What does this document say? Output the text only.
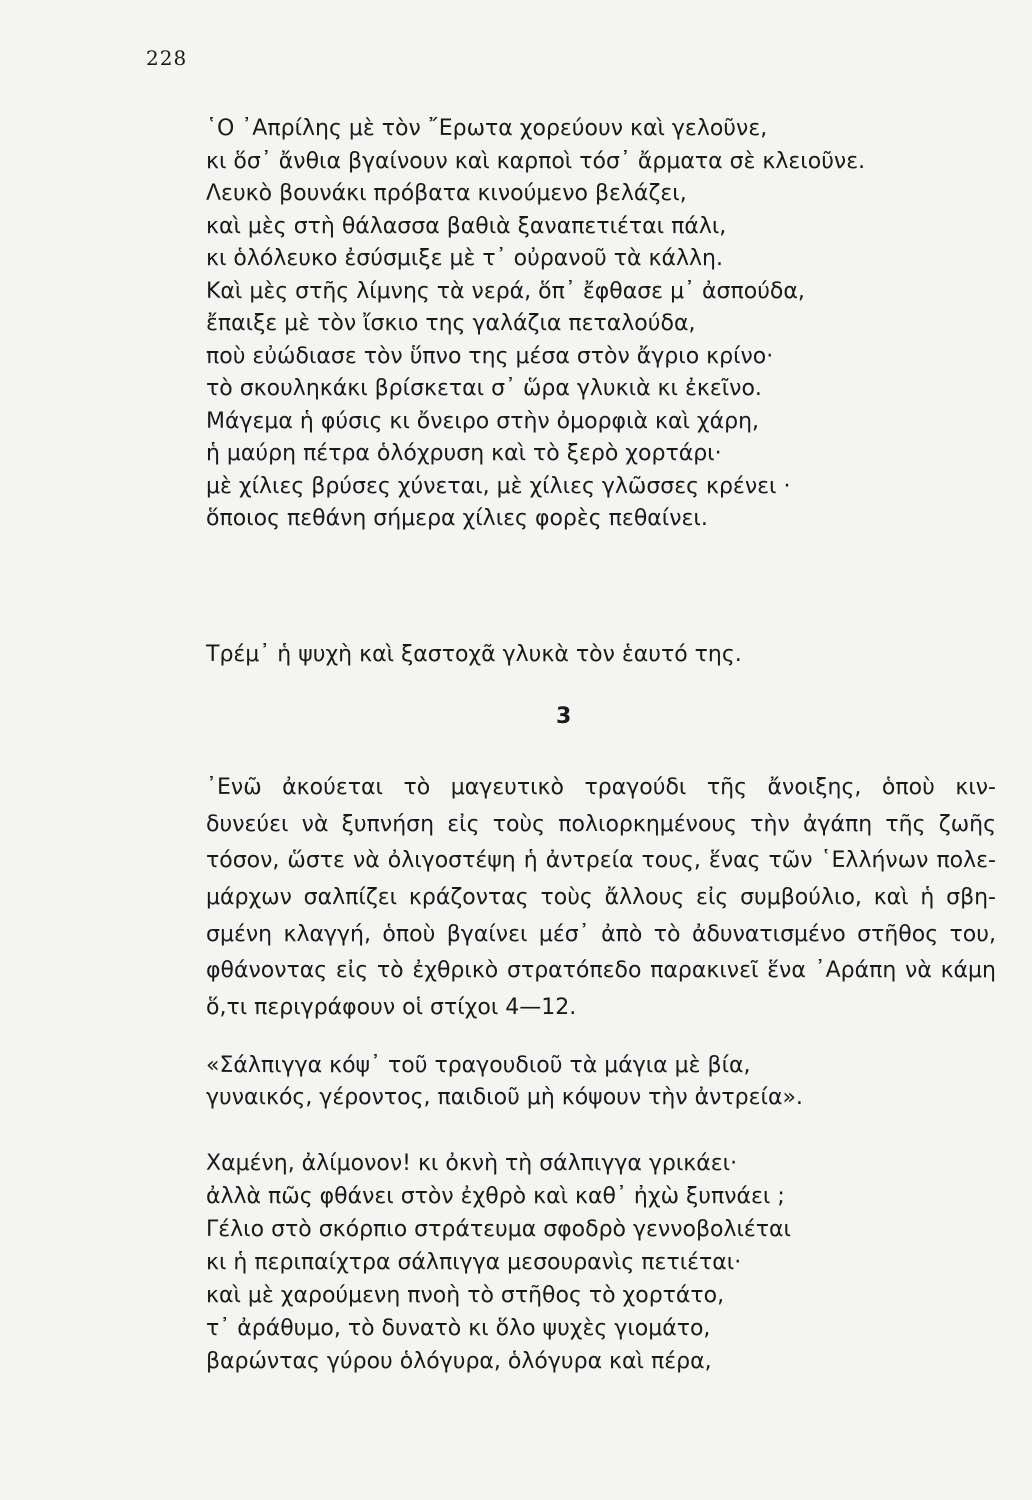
228
῾Ο ᾿Απρίλης μὲ τὸν ῎Ερωτα χορεύουν καὶ γελοῦνε,
κι ὅσ᾿ ἄνθια βγαίνουν καὶ καρποὶ τόσ᾿ ἄρματα σὲ κλειοῦνε.
Λευκὸ βουνάκι πρόβατα κινούμενο βελάζει,
καὶ μὲς στὴ θάλασσα βαθιὰ ξαναπετιέται πάλι,
κι ὁλόλευκο ἐσύσμιξε μὲ τ᾿ οὐρανοῦ τὰ κάλλη.
Καὶ μὲς στῆς λίμνης τὰ νερά, ὅπ᾿ ἔφθασε μ᾿ ἀσπούδα,
ἔπαιξε μὲ τὸν ἴσκιο της γαλάζια πεταλούδα,
ποὺ εὐώδιασε τὸν ὕπνο της μέσα στὸν ἄγριο κρίνο·
τὸ σκουληκάκι βρίσκεται σ᾿ ὥρα γλυκιὰ κι ἐκεῖνο.
Μάγεμα ἡ φύσις κι ὄνειρο στὴν ὀμορφιὰ καὶ χάρη,
ἡ μαύρη πέτρα ὁλόχρυση καὶ τὸ ξερὸ χορτάρι·
μὲ χίλιες βρύσες χύνεται, μὲ χίλιες γλῶσσες κρένει ·
ὅποιος πεθάνη σήμερα χίλιες φορὲς πεθαίνει.
Τρέμ᾿ ἡ ψυχὴ καὶ ξαστοχᾶ γλυκὰ τὸν ἑαυτό της.
3
᾿Ενῶ ἀκούεται τὸ μαγευτικὸ τραγούδι τῆς ἄνοιξης, ὁποὺ κιν-
δυνεύει νὰ ξυπνήση εἰς τοὺς πολιορκημένους τὴν ἀγάπη τῆς ζωῆς
τόσον, ὥστε νὰ ὀλιγοστέψη ἡ ἀντρεία τους, ἕνας τῶν ῾Ελλήνων πολε-
μάρχων σαλπίζει κράζοντας τοὺς ἄλλους εἰς συμβούλιο, καὶ ἡ σβη-
σμένη κλαγγή, ὁποὺ βγαίνει μέσ᾿ ἀπὸ τὸ ἀδυνατισμένο στῆθος του,
φθάνοντας εἰς τὸ ἐχθρικὸ στρατόπεδο παρακινεῖ ἕνα ᾿Αράπη νὰ κάμη
ὅ,τι περιγράφουν οἱ στίχοι 4—12.
«Σάλπιγγα κόψ᾿ τοῦ τραγουδιοῦ τὰ μάγια μὲ βία,
γυναικός, γέροντος, παιδιοῦ μὴ κόψουν τὴν ἀντρεία».
Χαμένη, ἀλίμονον! κι ὀκνὴ τὴ σάλπιγγα γρικάει·
ἀλλὰ πῶς φθάνει στὸν ἐχθρὸ καὶ καθ᾿ ἠχὼ ξυπνάει ;
Γέλιο στὸ σκόρπιο στράτευμα σφοδρὸ γεννοβολιέται
κι ἡ περιπαίχτρα σάλπιγγα μεσουρανὶς πετιέται·
καὶ μὲ χαρούμενη πνοὴ τὸ στῆθος τὸ χορτάτο,
τ᾿ ἀράθυμο, τὸ δυνατὸ κι ὅλο ψυχὲς γιομάτο,
βαρώντας γύρου ὁλόγυρα, ὁλόγυρα καὶ πέρα,
